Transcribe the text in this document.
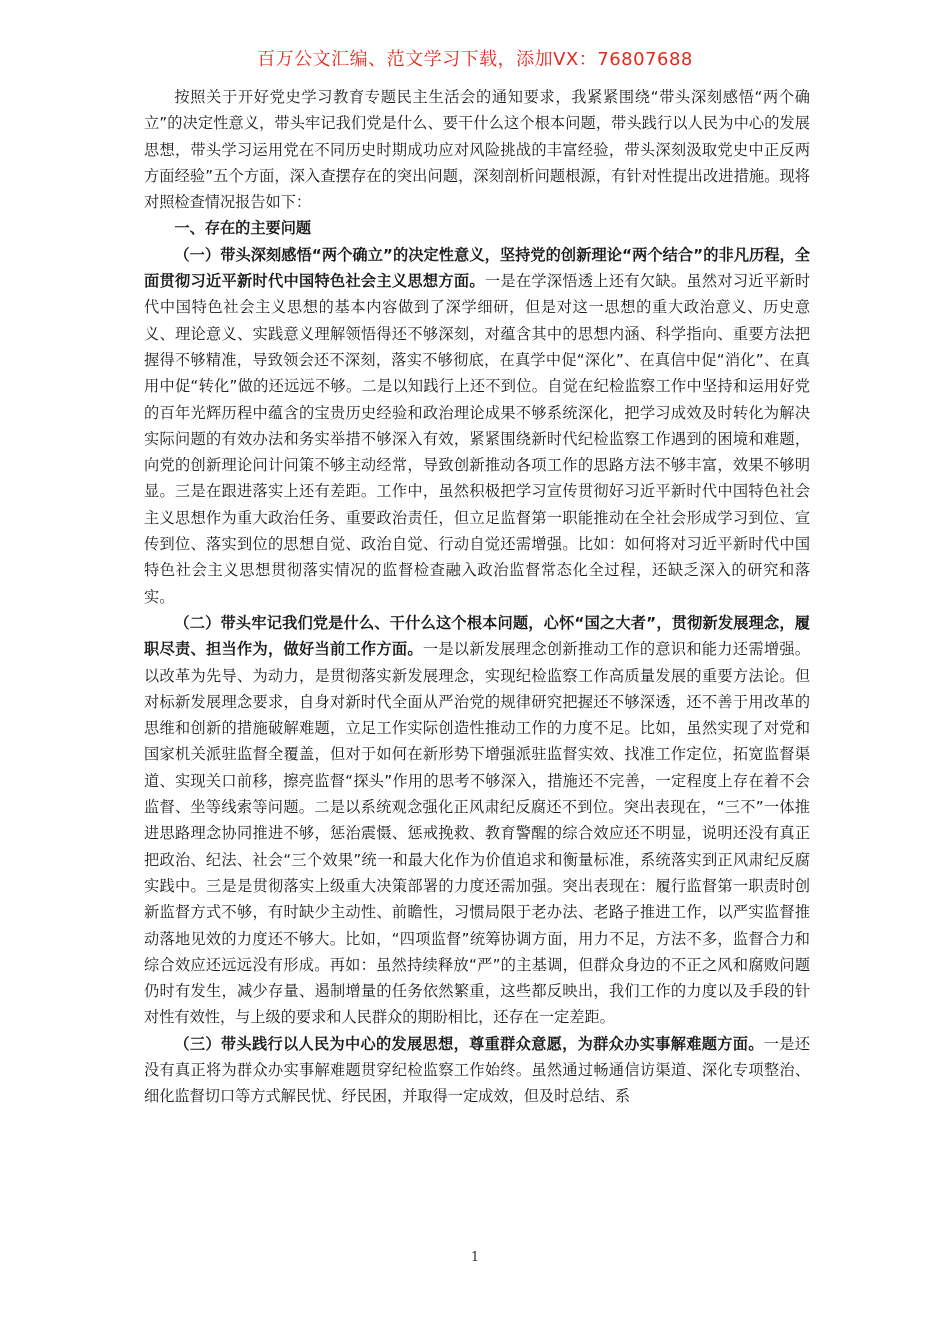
百万公文汇编、范文学习下载，添加VX：76807688

按照关于开好党史学习教育专题民主生活会的通知要求，我紧紧围绕“带头深刻感悟“两个确立”的决定性意义，带头牢记我们党是什么、要干什么这个根本问题，带头践行以人民为中心的发展思想，带头学习运用党在不同历史时期成功应对风险挑战的丰富经验，带头深刻汲取党史中正反两方面经验”五个方面，深入查摆存在的突出问题，深刻剖析问题根源，有针对性提出改进措施。现将对照检查情况报告如下：

一、存在的主要问题

（一）带头深刻感悟“两个确立”的决定性意义，坚持党的创新理论“两个结合”的非凡历程，全面贯彻习近平新时代中国特色社会主义思想方面。一是在学深悟透上还有欠缺。虽然对习近平新时代中国特色社会主义思想的基本内容做到了深学细研，但是对这一思想的重大政治意义、历史意义、理论意义、实践意义理解领悟得还不够深刻，对蕴含其中的思想内涵、科学指向、重要方法把握得不够精准，导致领会还不深刻，落实不够彻底，在真学中促“深化”、在真信中促“消化”、在真用中促“转化”做的还远远不够。二是以知践行上还不到位。自觉在纪检监察工作中坚持和运用好党的百年光辉历程中蕴含的宝贵历史经验和政治理论成果不够系统深化，把学习成效及时转化为解决实际问题的有效办法和务实举措不够深入有效，紧紧围绕新时代纪检监察工作遇到的困境和难题，向党的创新理论问计问策不够主动经常，导致创新推动各项工作的思路方法不够丰富，效果不够明显。三是在跟进落实上还有差距。工作中，虽然积极把学习宣传贯彻好习近平新时代中国特色社会主义思想作为重大政治任务、重要政治责任，但立足监督第一职能推动在全社会形成学习到位、宣传到位、落实到位的思想自觉、政治自觉、行动自觉还需增强。比如：如何将对习近平新时代中国特色社会主义思想贯彻落实情况的监督检查融入政治监督常态化全过程，还缺乏深入的研究和落实。

（二）带头牢记我们党是什么、干什么这个根本问题，心怀“国之大者”，贯彻新发展理念，履职尽责、担当作为，做好当前工作方面。一是以新发展理念创新推动工作的意识和能力还需增强。以改革为先导、为动力，是贯彻落实新发展理念，实现纪检监察工作高质量发展的重要方法论。但对标新发展理念要求，自身对新时代全面从严治党的规律研究把握还不够深透，还不善于用改革的思维和创新的措施破解难题，立足工作实际创造性推动工作的力度不足。比如，虽然实现了对党和国家机关派驻监督全覆盖，但对于如何在新形势下增强派驻监督实效、找准工作定位，拓宽监督渠道、实现关口前移，擦亮监督“探头”作用的思考不够深入，措施还不完善，一定程度上存在着不会监督、坐等线索等问题。二是以系统观念强化正风肃纪反腐还不到位。突出表现在，“三不”一体推进思路理念协同推进不够，惩治震慑、惩戒挽救、教育警醒的综合效应还不明显，说明还没有真正把政治、纪法、社会“三个效果”统一和最大化作为价值追求和衡量标准，系统落实到正风肃纪反腐实践中。三是是贯彻落实上级重大决策部署的力度还需加强。突出表现在：履行监督第一职责时创新监督方式不够，有时缺少主动性、前瞻性，习惯局限于老办法、老路子推进工作，以严实监督推动落地见效的力度还不够大。比如，“四项监督”统筹协调方面，用力不足，方法不多，监督合力和综合效应还远远没有形成。再如：虽然持续释放“严”的主基调，但群众身边的不正之风和腐败问题仍时有发生，减少存量、遏制增量的任务依然繁重，这些都反映出，我们工作的力度以及手段的针对性有效性，与上级的要求和人民群众的期盼相比，还存在一定差距。

（三）带头践行以人民为中心的发展思想，尊重群众意愿，为群众办实事解难题方面。一是还没有真正将为群众办实事解难题贯穿纪检监察工作始终。虽然通过畅通信访渠道、深化专项整治、细化监督切口等方式解民忧、纾民困，并取得一定成效，但及时总结、系

1
